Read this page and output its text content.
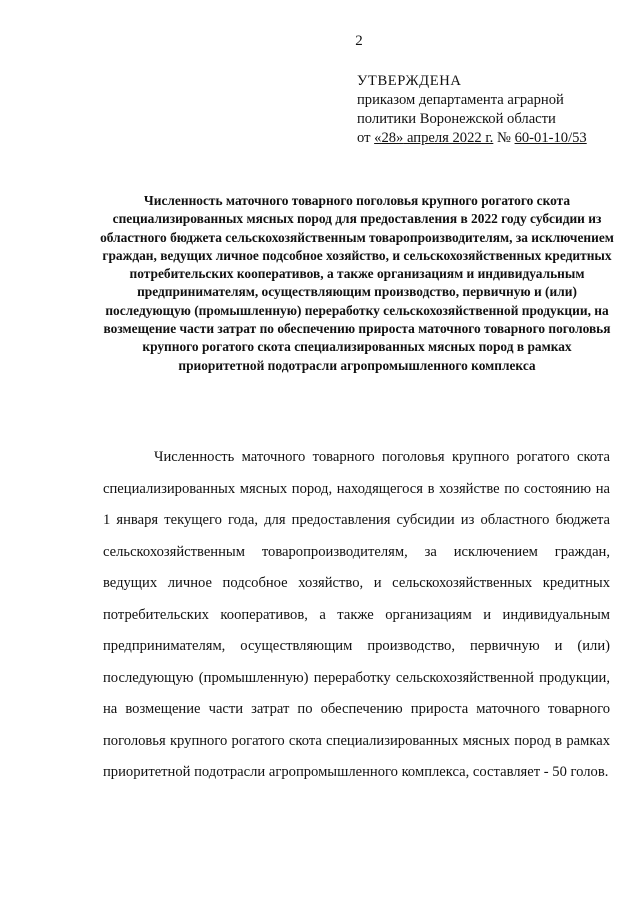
2
УТВЕРЖДЕНА
приказом департамента аграрной
политики Воронежской области
от «28» апреля 2022 г. № 60-01-10/53
Численность маточного товарного поголовья крупного рогатого скота специализированных мясных пород для предоставления в 2022 году субсидии из областного бюджета сельскохозяйственным товаропроизводителям, за исключением граждан, ведущих личное подсобное хозяйство, и сельскохозяйственных кредитных потребительских кооперативов, а также организациям и индивидуальным предпринимателям, осуществляющим производство, первичную и (или) последующую (промышленную) переработку сельскохозяйственной продукции, на возмещение части затрат по обеспечению прироста маточного товарного поголовья крупного рогатого скота специализированных мясных пород в рамках приоритетной подотрасли агропромышленного комплекса
Численность маточного товарного поголовья крупного рогатого скота специализированных мясных пород, находящегося в хозяйстве по состоянию на 1 января текущего года, для предоставления субсидии из областного бюджета сельскохозяйственным товаропроизводителям, за исключением граждан, ведущих личное подсобное хозяйство, и сельскохозяйственных кредитных потребительских кооперативов, а также организациям и индивидуальным предпринимателям, осуществляющим производство, первичную и (или) последующую (промышленную) переработку сельскохозяйственной продукции, на возмещение части затрат по обеспечению прироста маточного товарного поголовья крупного рогатого скота специализированных мясных пород в рамках приоритетной подотрасли агропромышленного комплекса, составляет - 50 голов.
